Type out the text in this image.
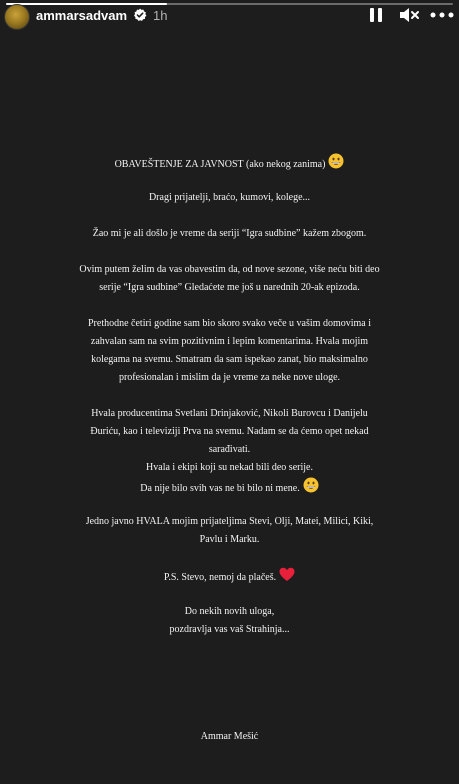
ammarsadvam 1h
OBAVEŠTENJE ZA JAVNOST (ako nekog zanima)
Dragi prijatelji, braćo, kumovi, kolege...
Žao mi je ali došlo je vreme da seriji “Igra sudbine” kažem zbogom.
Ovim putem želim da vas obavestim da, od nove sezone, više neću biti deo
serije “Igra sudbine” Gledaćete me još u narednih 20-ak epizoda.
Prethodne četiri godine sam bio skoro svako veče u vašim domovima i
zahvalan sam na svim pozitivnim i lepim komentarima. Hvala mojim
kolegama na svemu. Smatram da sam ispekao zanat, bio maksimalno
profesionalan i mislim da je vreme za neke nove uloge.
Hvala producentima Svetlani Drinjaković, Nikoli Burovcu i Danijelu
Đuriću, kao i televiziji Prva na svemu. Nadam se da ćemo opet nekad
sarađivati.
Hvala i ekipi koji su nekad bili deo serije.
Da nije bilo svih vas ne bi bilo ni mene.
Jedno javno HVALA mojim prijateljima Stevi, Olji, Matei, Milici, Kiki,
Pavlu i Marku.
P.S. Stevo, nemoj da plačeš.
Do nekih novih uloga,
pozdravlja vas vaš Strahinja...
Ammar Mešić
